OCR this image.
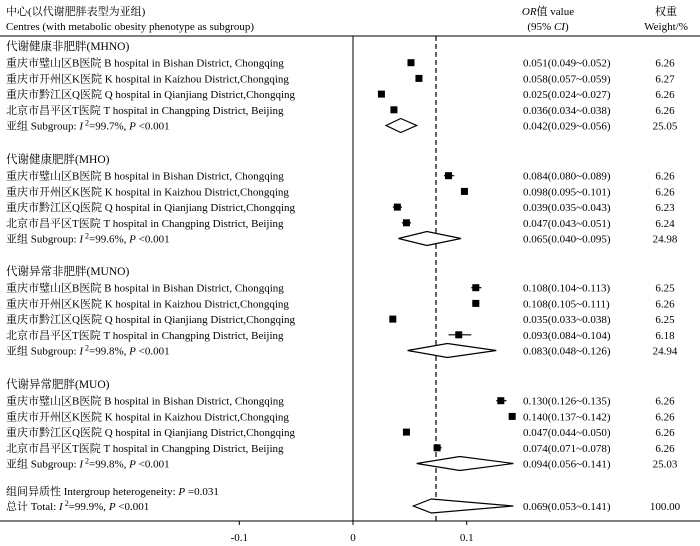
中心(以代谢肥胖表型为亚组)
Centres (with metabolic obesity phenotype as subgroup)
OR值 value
(95% CI)
权重
Weight/%
代谢健康非肥胖(MHNO)
重庆市璧山区B医院 B hospital in Bishan District, Chongqing	0.051(0.049~0.052)	6.26
重庆市开州区K医院 K hospital in Kaizhou District,Chongqing	0.058(0.057~0.059)	6.27
重庆市黔江区Q医院 Q hospital in Qianjiang District,Chongqing	0.025(0.024~0.027)	6.26
北京市昌平区T医院 T hospital in Changping District, Beijing	0.036(0.034~0.038)	6.26
亚组 Subgroup: I $^2$=99.7%, P <0.001	0.042(0.029~0.056)	25.05
代谢健康肥胖(MHO)
重庆市璧山区B医院 B hospital in Bishan District, Chongqing	0.084(0.080~0.089)	6.26
重庆市开州区K医院 K hospital in Kaizhou District,Chongqing	0.098(0.095~0.101)	6.26
重庆市黔江区Q医院 Q hospital in Qianjiang District,Chongqing	0.039(0.035~0.043)	6.23
北京市昌平区T医院 T hospital in Changping District, Beijing	0.047(0.043~0.051)	6.24
亚组 Subgroup: I $^2$=99.6%, P <0.001	0.065(0.040~0.095)	24.98
代谢异常非肥胖(MUNO)
重庆市璧山区B医院 B hospital in Bishan District, Chongqing	0.108(0.104~0.113)	6.25
重庆市开州区K医院 K hospital in Kaizhou District,Chongqing	0.108(0.105~0.111)	6.26
重庆市黔江区Q医院 Q hospital in Qianjiang District,Chongqing	0.035(0.033~0.038)	6.25
北京市昌平区T医院 T hospital in Changping District, Beijing	0.093(0.084~0.104)	6.18
亚组 Subgroup: I $^2$=99.8%, P <0.001	0.083(0.048~0.126)	24.94
代谢异常肥胖(MUO)
重庆市璧山区B医院 B hospital in Bishan District, Chongqing	0.130(0.126~0.135)	6.26
重庆市开州区K医院 K hospital in Kaizhou District,Chongqing	0.140(0.137~0.142)	6.26
重庆市黔江区Q医院 Q hospital in Qianjiang District,Chongqing	0.047(0.044~0.050)	6.26
北京市昌平区T医院 T hospital in Changping District, Beijing	0.074(0.071~0.078)	6.26
亚组 Subgroup: I $^2$=99.8%, P <0.001	0.094(0.056~0.141)	25.03
组间异质性 Intergroup heterogeneity: P =0.031
总计 Total: I $^2$=99.9%, P <0.001	0.069(0.053~0.141)	100.00
-0.1	0	0.1
